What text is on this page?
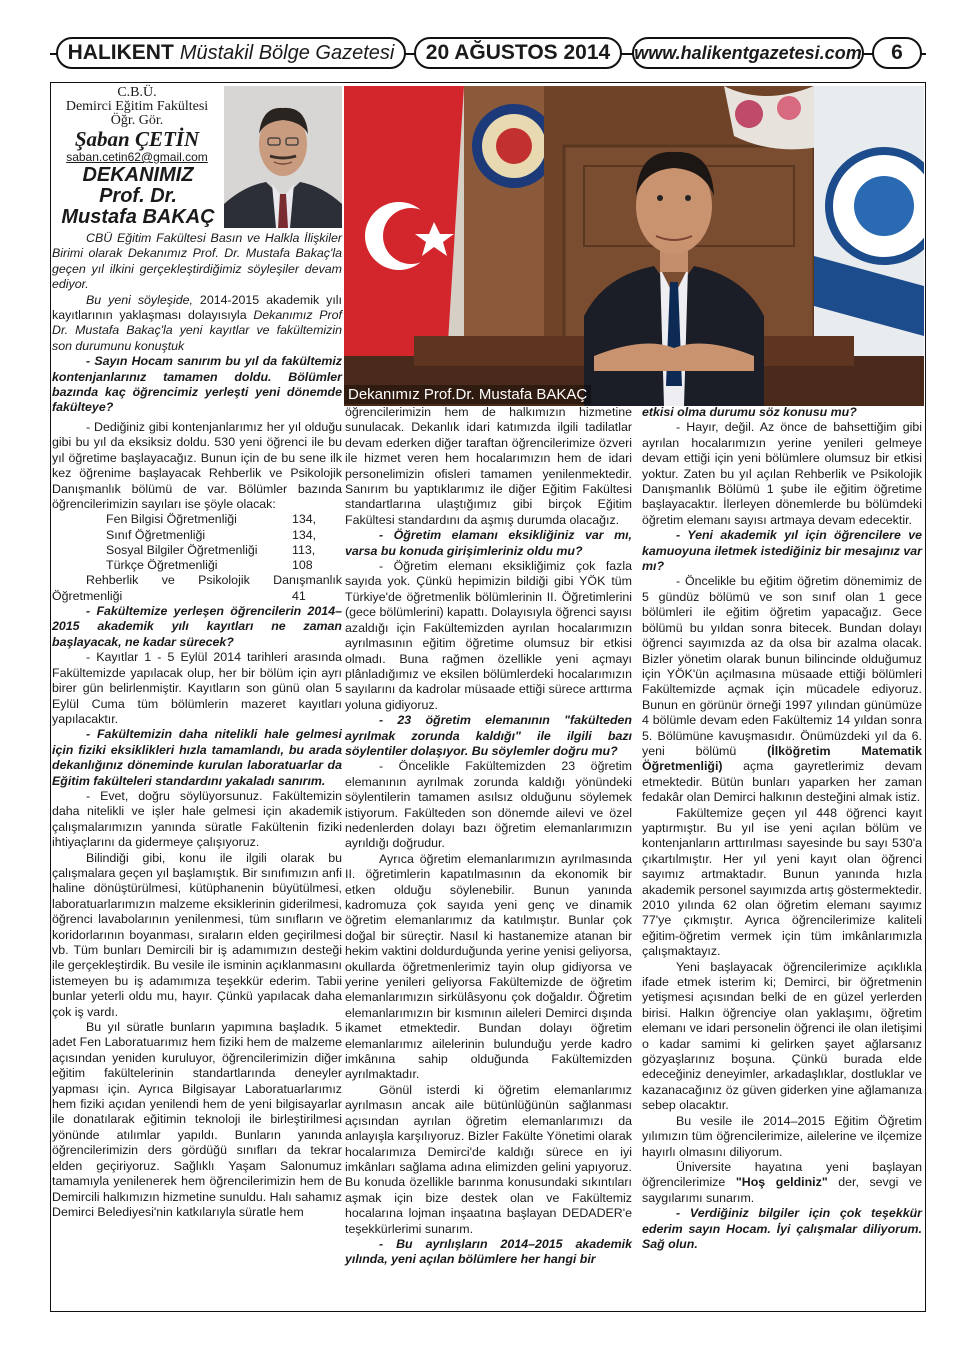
HALIKENT Müstakil Bölge Gazetesi 20 AĞUSTOS 2014 www.halikentgazetesi.com 6
C.B.Ü.
Demirci Eğitim Fakültesi
Öğr. Gör.
Şaban ÇETİN
saban.cetin62@gmail.com
DEKANIMIZ
Prof. Dr.
Mustafa BAKAÇ
Dekanımız Prof.Dr. Mustafa BAKAÇ

CBÜ Eğitim Fakültesi Basın ve Halkla İlişkiler Birimi olarak Dekanımız Prof. Dr. Mustafa Bakaç'la geçen yıl ilkini gerçekleştirdiğimiz söyleşiler devam ediyor.

Bu yeni söyleşide, 2014-2015 akademik yılı kayıtlarının yaklaşması dolayısıyla Dekanımız Prof Dr. Mustafa Bakaç'la yeni kayıtlar ve fakültemizin son durumunu konuştuk

- Sayın Hocam sanırım bu yıl da fakültemiz kontenjanlarınız tamamen doldu. Bölümler bazında kaç öğrencimiz yerleşti yeni dönemde fakülteye?

- Dediğiniz gibi kontenjanlarımız her yıl olduğu gibi bu yıl da eksiksiz doldu. 530 yeni öğrenci ile bu yıl öğretime başlayacağız. Bunun için de bu sene ilk kez öğrenime başlayacak Rehberlik ve Psikolojik Danışmanlık bölümü de var. Bölümler bazında öğrencilerimizin sayıları ise şöyle olacak:

Fen Bilgisi Öğretmenliği	134,
Sınıf Öğretmenliği	134,
Sosyal Bilgiler Öğretmenliği	113,
Türkçe Öğretmenliği	108

Rehberlik ve Psikolojik Danışmanlık

Öğretmenliği	41

- Fakültemize yerleşen öğrencilerin 2014–2015 akademik yılı kayıtları ne zaman başlayacak, ne kadar sürecek?

- Kayıtlar 1 - 5 Eylül 2014 tarihleri arasında Fakültemizde yapılacak olup, her bir bölüm için ayrı birer gün belirlenmiştir. Kayıtların son günü olan 5 Eylül Cuma tüm bölümlerin mazeret kayıtları yapılacaktır.

- Fakültemizin daha nitelikli hale gelmesi için fiziki eksiklikleri hızla tamamlandı, bu arada dekanlığınız döneminde kurulan laboratuarlar da Eğitim fakülteleri standardını yakaladı sanırım.

- Evet, doğru söylüyorsunuz. Fakültemizin daha nitelikli ve işler hale gelmesi için akademik çalışmalarımızın yanında süratle Fakültenin fiziki ihtiyaçlarını da gidermeye çalışıyoruz.

Bilindiği gibi, konu ile ilgili olarak bu çalışmalara geçen yıl başlamıştık. Bir sınıfımızın anfi haline dönüştürülmesi, kütüphanenin büyütülmesi, laboratuarlarımızın malzeme eksiklerinin giderilmesi, öğrenci lavabolarının yenilenmesi, tüm sınıfların ve koridorlarının boyanması, sıraların elden geçirilmesi vb. Tüm bunları Demircili bir iş adamımızın desteği ile gerçekleştirdik. Bu vesile ile isminin açıklanmasını istemeyen bu iş adamımıza teşekkür ederim. Tabii bunlar yeterli oldu mu, hayır. Çünkü yapılacak daha çok iş vardı.

Bu yıl süratle bunların yapımına başladık. 5 adet Fen Laboratuarımız hem fiziki hem de malzeme açısından yeniden kuruluyor, öğrencilerimizin diğer eğitim fakültelerinin standartlarında deneyler yapması için. Ayrıca Bilgisayar Laboratuarlarımız hem fiziki açıdan yenilendi hem de yeni bilgisayarlar ile donatılarak eğitimin teknoloji ile birleştirilmesi yönünde atılımlar yapıldı. Bunların yanında öğrencilerimizin ders gördüğü sınıfları da tekrar elden geçiriyoruz. Sağlıklı Yaşam Salonumuz tamamıyla yenilenerek hem öğrencilerimizin hem de Demircili halkımızın hizmetine sunuldu. Halı sahamız Demirci Belediyesi'nin katkılarıyla süratle hem

öğrencilerimizin hem de halkımızın hizmetine sunulacak. Dekanlık idari katımızda ilgili tadilatlar devam ederken diğer taraftan öğrencilerimize özveri ile hizmet veren hem hocalarımızın hem de idari personelimizin ofisleri tamamen yenilenmektedir. Sanırım bu yaptıklarımız ile diğer Eğitim Fakültesi standartlarına ulaştığımız gibi birçok Eğitim Fakültesi standardını da aşmış durumda olacağız.

- Öğretim elamanı eksikliğiniz var mı, varsa bu konuda girişimleriniz oldu mu?

- Öğretim elemanı eksikliğimiz çok fazla sayıda yok. Çünkü hepimizin bildiği gibi YÖK tüm Türkiye'de öğretmenlik bölümlerinin II. Öğretimlerini (gece bölümlerini) kapattı. Dolayısıyla öğrenci sayısı azaldığı için Fakültemizden ayrılan hocalarımızın ayrılmasının eğitim öğretime olumsuz bir etkisi olmadı. Buna rağmen özellikle yeni açmayı plânladığımız ve eksilen bölümlerdeki hocalarımızın sayılarını da kadrolar müsaade ettiği sürece arttırma yoluna gidiyoruz.

- 23 öğretim elemanının "fakülteden ayrılmak zorunda kaldığı" ile ilgili bazı söylentiler dolaşıyor. Bu söylemler doğru mu?

- Öncelikle Fakültemizden 23 öğretim elemanının ayrılmak zorunda kaldığı yönündeki söylentilerin tamamen asılsız olduğunu söylemek istiyorum. Fakülteden son dönemde ailevi ve özel nedenlerden dolayı bazı öğretim elemanlarımızın ayrıldığı doğrudur.

Ayrıca öğretim elemanlarımızın ayrılmasında II. öğretimlerin kapatılmasının da ekonomik bir etken olduğu söylenebilir. Bunun yanında kadromuza çok sayıda yeni genç ve dinamik öğretim elemanlarımız da katılmıştır. Bunlar çok doğal bir süreçtir. Nasıl ki hastanemize atanan bir hekim vaktini doldurduğunda yerine yenisi geliyorsa, okullarda öğretmenlerimiz tayin olup gidiyorsa ve yerine yenileri geliyorsa Fakültemizde de öğretim elemanlarımızın sirkülâsyonu çok doğaldır. Öğretim elemanlarımızın bir kısmının aileleri Demirci dışında ikamet etmektedir. Bundan dolayı öğretim elemanlarımız ailelerinin bulunduğu yerde kadro imkânına sahip olduğunda Fakültemizden ayrılmaktadır.

Gönül isterdi ki öğretim elemanlarımız ayrılmasın ancak aile bütünlüğünün sağlanması açısından ayrılan öğretim elemanlarımızı da anlayışla karşılıyoruz. Bizler Fakülte Yönetimi olarak hocalarımıza Demirci'de kaldığı sürece en iyi imkânları sağlama adına elimizden gelini yapıyoruz. Bu konuda özellikle barınma konusundaki sıkıntıları aşmak için bize destek olan ve Fakültemiz hocalarına lojman inşaatına başlayan DEDADER'e teşekkürlerimi sunarım.

- Bu ayrılışların 2014–2015 akademik yılında, yeni açılan bölümlere her hangi bir

etkisi olma durumu söz konusu mu?

- Hayır, değil. Az önce de bahsettiğim gibi ayrılan hocalarımızın yerine yenileri gelmeye devam ettiği için yeni bölümlere olumsuz bir etkisi yoktur. Zaten bu yıl açılan Rehberlik ve Psikolojik Danışmanlık Bölümü 1 şube ile eğitim öğretime başlayacaktır. İlerleyen dönemlerde bu bölümdeki öğretim elemanı sayısı artmaya devam edecektir.

- Yeni akademik yıl için öğrencilere ve kamuoyuna iletmek istediğiniz bir mesajınız var mı?

- Öncelikle bu eğitim öğretim dönemimiz de 5 gündüz bölümü ve son sınıf olan 1 gece bölümleri ile eğitim öğretim yapacağız. Gece bölümü bu yıldan sonra bitecek. Bundan dolayı öğrenci sayımızda az da olsa bir azalma olacak. Bizler yönetim olarak bunun bilincinde olduğumuz için YÖK'ün açılmasına müsaade ettiği bölümleri Fakültemizde açmak için mücadele ediyoruz. Bunun en görünür örneği 1997 yılından günümüze 4 bölümle devam eden Fakültemiz 14 yıldan sonra 5. Bölümüne kavuşmasıdır. Önümüzdeki yıl da 6. yeni bölümü (İlköğretim Matematik Öğretmenliği) açma gayretlerimiz devam etmektedir. Bütün bunları yaparken her zaman fedakâr olan Demirci halkının desteğini almak istiz.

Fakültemize geçen yıl 448 öğrenci kayıt yaptırmıştır. Bu yıl ise yeni açılan bölüm ve kontenjanların arttırılması sayesinde bu sayı 530'a çıkartılmıştır. Her yıl yeni kayıt olan öğrenci sayımız artmaktadır. Bunun yanında hızla akademik personel sayımızda artış göstermektedir. 2010 yılında 62 olan öğretim elemanı sayımız 77'ye çıkmıştır. Ayrıca öğrencilerimize kaliteli eğitim-öğretim vermek için tüm imkânlarımızla çalışmaktayız.

Yeni başlayacak öğrencilerimize açıklıkla ifade etmek isterim ki; Demirci, bir öğretmenin yetişmesi açısından belki de en güzel yerlerden birisi. Halkın öğrenciye olan yaklaşımı, öğretim elemanı ve idari personelin öğrenci ile olan iletişimi o kadar samimi ki gelirken şayet ağlarsanız gözyaşlarınız boşuna. Çünkü burada elde edeceğiniz deneyimler, arkadaşlıklar, dostluklar ve kazanacağınız öz güven giderken yine ağlamanıza sebep olacaktır.

Bu vesile ile 2014–2015 Eğitim Öğretim yılımızın tüm öğrencilerimize, ailelerine ve ilçemize hayırlı olmasını diliyorum.

Üniversite hayatına yeni başlayan öğrencilerimize "Hoş geldiniz" der, sevgi ve saygılarımı sunarım.

- Verdiğiniz bilgiler için çok teşekkür ederim sayın Hocam. İyi çalışmalar diliyorum. Sağ olun.
